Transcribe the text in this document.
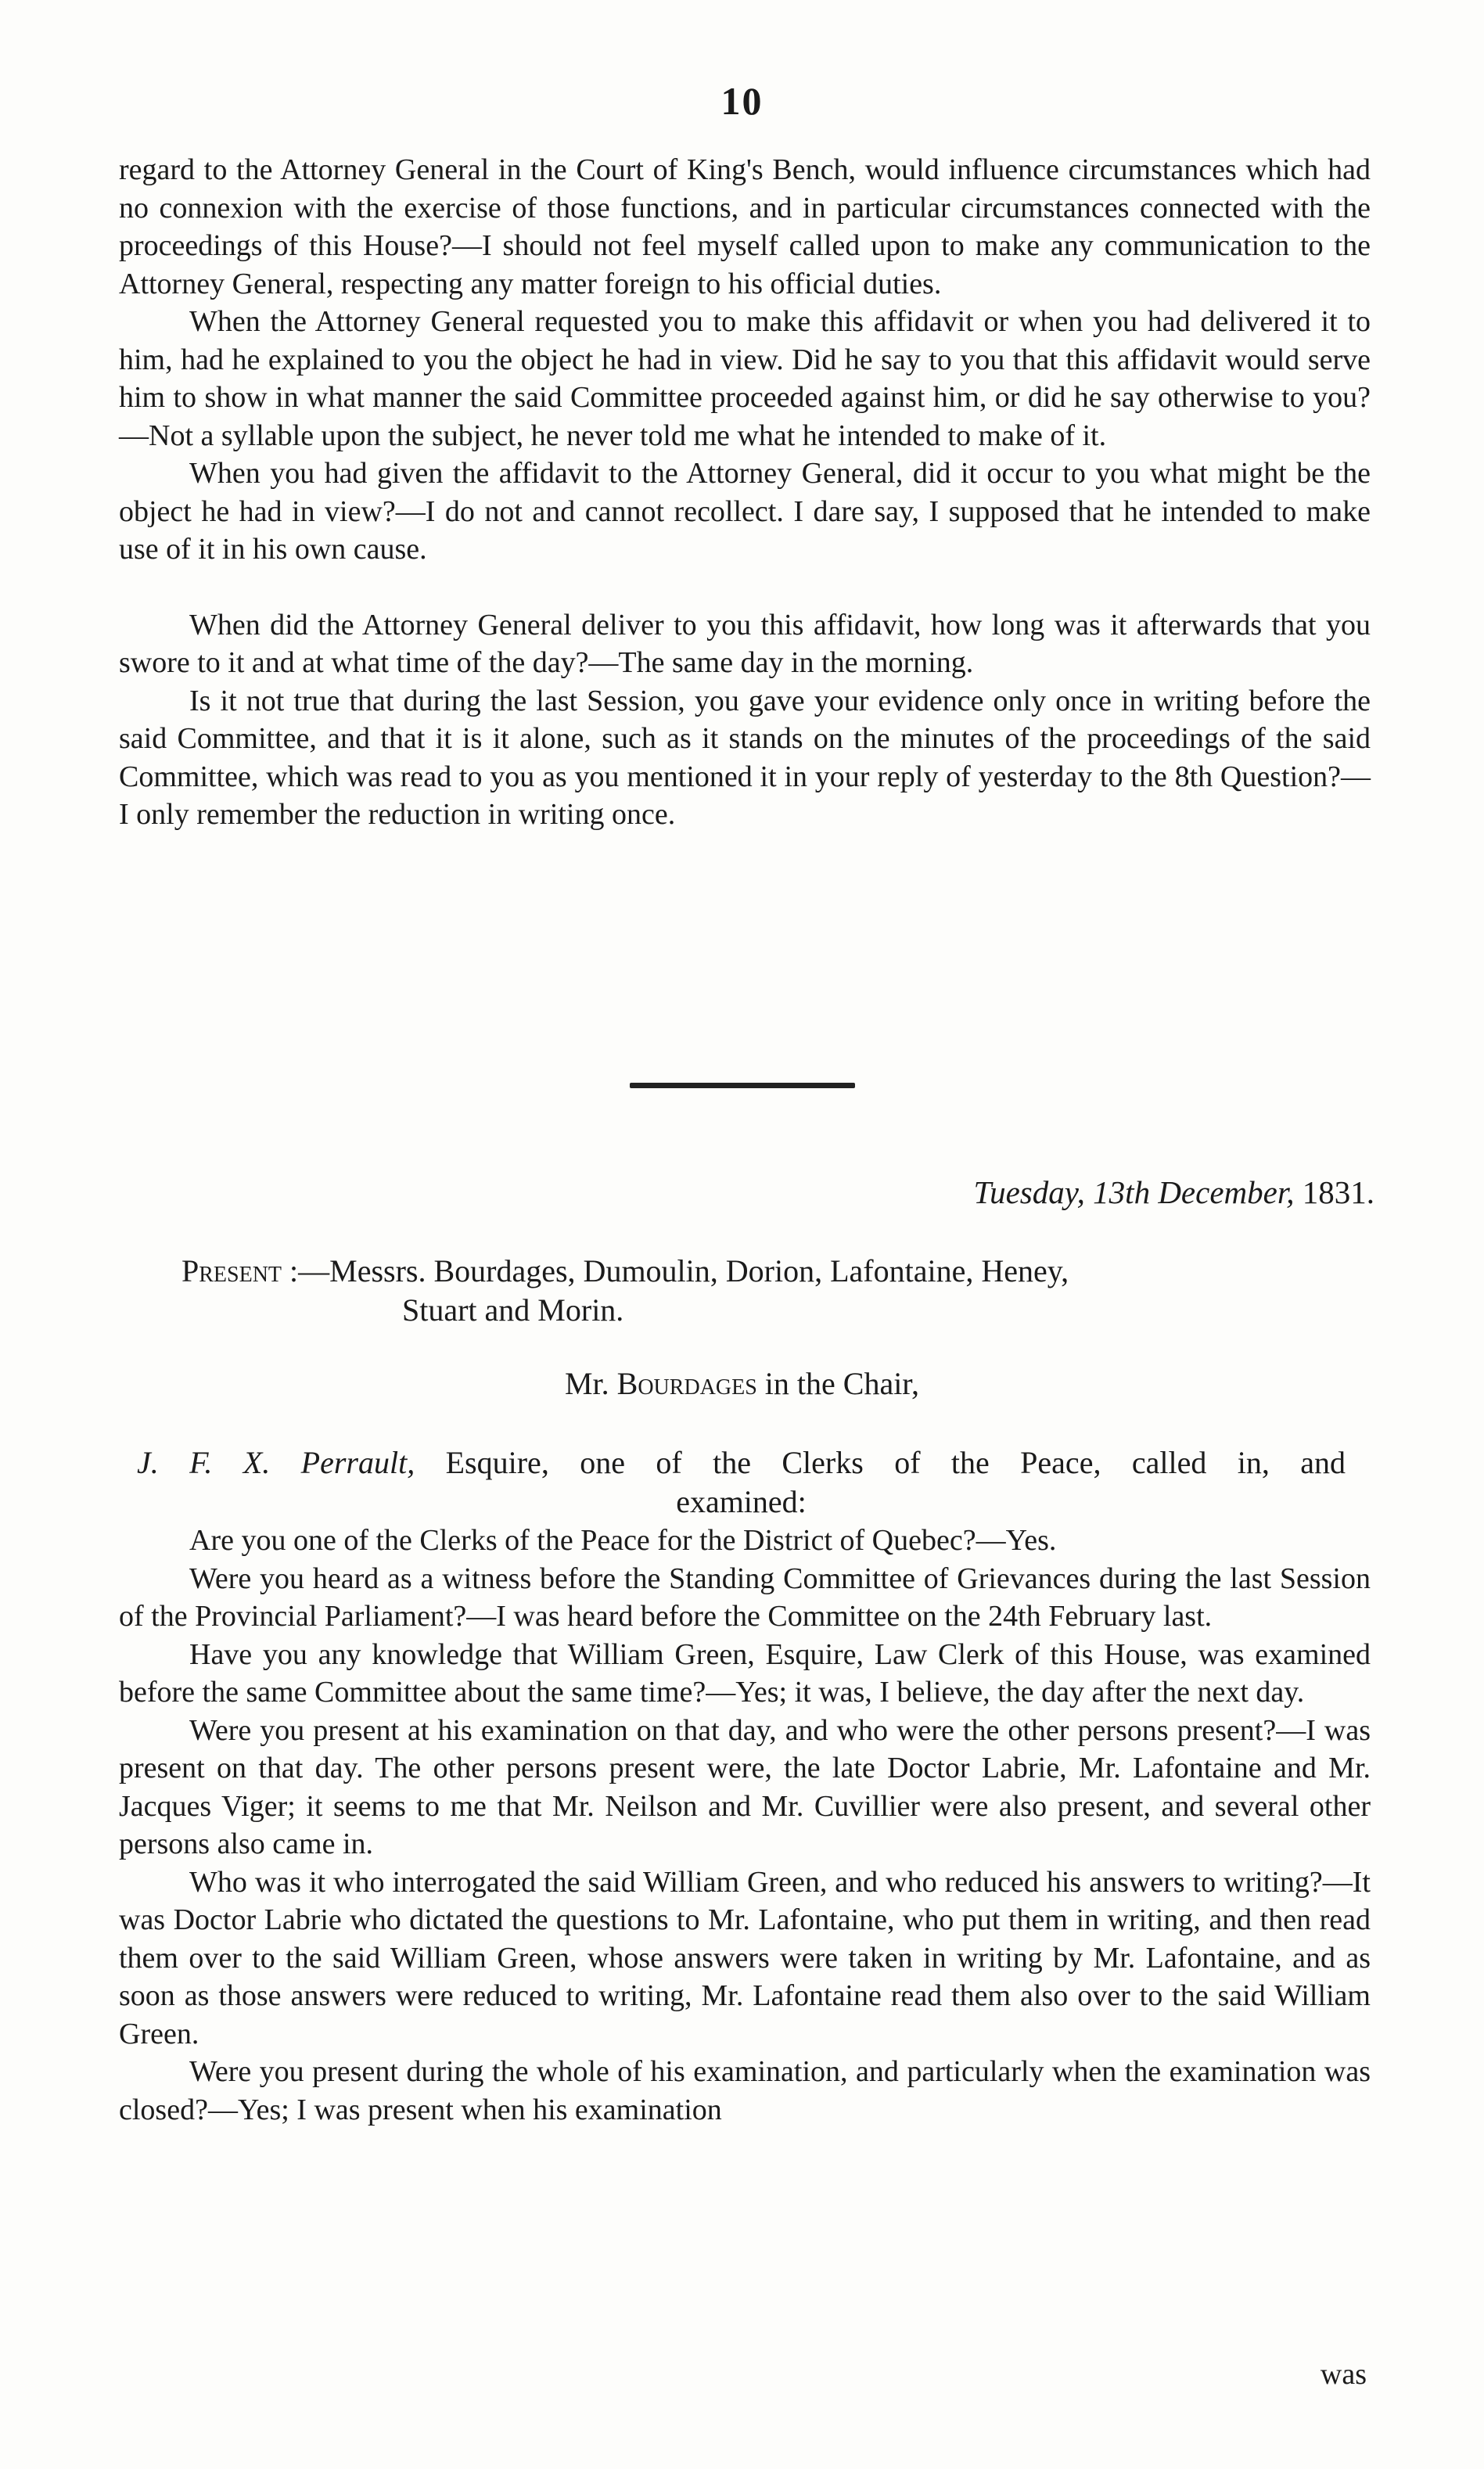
10

regard to the Attorney General in the Court of King's Bench, would influence circumstances which had no connexion with the exercise of those functions, and in particular circumstances connected with the proceedings of this House?—I should not feel myself called upon to make any communication to the Attorney General, respecting any matter foreign to his official duties.

When the Attorney General requested you to make this affidavit or when you had delivered it to him, had he explained to you the object he had in view. Did he say to you that this affidavit would serve him to show in what manner the said Committee proceeded against him, or did he say otherwise to you?—Not a syllable upon the subject, he never told me what he intended to make of it.

When you had given the affidavit to the Attorney General, did it occur to you what might be the object he had in view?—I do not and cannot recollect. I dare say, I supposed that he intended to make use of it in his own cause.

When did the Attorney General deliver to you this affidavit, how long was it afterwards that you swore to it and at what time of the day?—The same day in the morning.

Is it not true that during the last Session, you gave your evidence only once in writing before the said Committee, and that it is it alone, such as it stands on the minutes of the proceedings of the said Committee, which was read to you as you mentioned it in your reply of yesterday to the 8th Question?—I only remember the reduction in writing once.

Tuesday, 13th December, 1831.
Present :—Messrs. Bourdages, Dumoulin, Dorion, Lafontaine, Heney,
Stuart and Morin.
Mr. Bourdages in the Chair,
J. F. X. Perrault, Esquire, one of the Clerks of the Peace, called in, and
examined:

Are you one of the Clerks of the Peace for the District of Quebec?—Yes.

Were you heard as a witness before the Standing Committee of Grievances during the last Session of the Provincial Parliament?—I was heard before the Committee on the 24th February last.

Have you any knowledge that William Green, Esquire, Law Clerk of this House, was examined before the same Committee about the same time?—Yes; it was, I believe, the day after the next day.

Were you present at his examination on that day, and who were the other persons present?—I was present on that day. The other persons present were, the late Doctor Labrie, Mr. Lafontaine and Mr. Jacques Viger; it seems to me that Mr. Neilson and Mr. Cuvillier were also present, and several other persons also came in.

Who was it who interrogated the said William Green, and who reduced his answers to writing?—It was Doctor Labrie who dictated the questions to Mr. Lafontaine, who put them in writing, and then read them over to the said William Green, whose answers were taken in writing by Mr. Lafontaine, and as soon as those answers were reduced to writing, Mr. Lafontaine read them also over to the said William Green.

Were you present during the whole of his examination, and particularly when the examination was closed?—Yes; I was present when his examination

was
